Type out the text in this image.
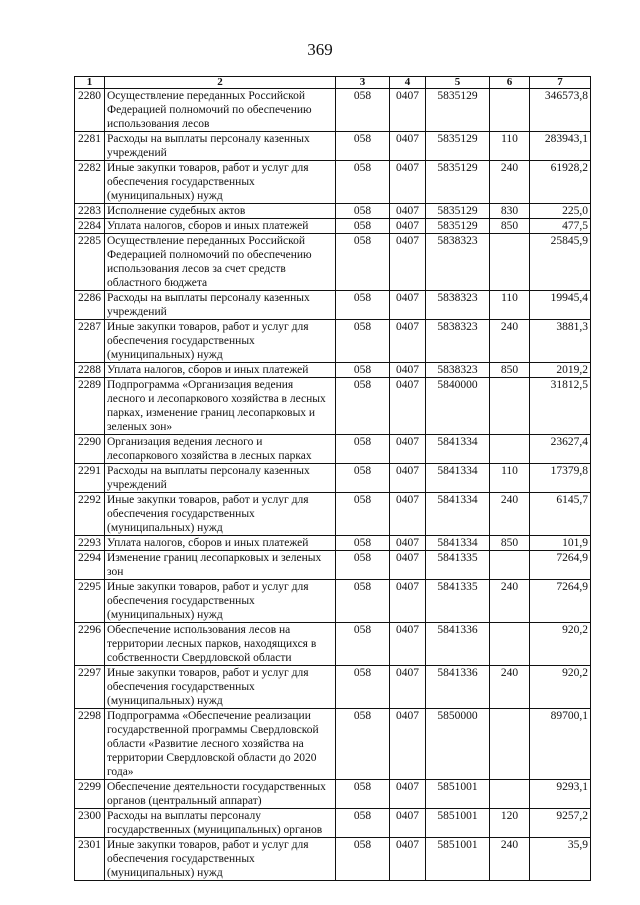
369
1	2	3	4	5	6	7
2280	Осуществление переданных Российской Федерацией полномочий по обеспечению использования лесов	058	0407	5835129		346573,8
2281	Расходы на выплаты персоналу казенных учреждений	058	0407	5835129	110	283943,1
2282	Иные закупки товаров, работ и услуг для обеспечения государственных (муниципальных) нужд	058	0407	5835129	240	61928,2
2283	Исполнение судебных актов	058	0407	5835129	830	225,0
2284	Уплата налогов, сборов и иных платежей	058	0407	5835129	850	477,5
2285	Осуществление переданных Российской Федерацией полномочий по обеспечению использования лесов за счет средств областного бюджета	058	0407	5838323		25845,9
2286	Расходы на выплаты персоналу казенных учреждений	058	0407	5838323	110	19945,4
2287	Иные закупки товаров, работ и услуг для обеспечения государственных (муниципальных) нужд	058	0407	5838323	240	3881,3
2288	Уплата налогов, сборов и иных платежей	058	0407	5838323	850	2019,2
2289	Подпрограмма «Организация ведения лесного и лесопаркового хозяйства в лесных парках, изменение границ лесопарковых и зеленых зон»	058	0407	5840000		31812,5
2290	Организация ведения лесного и лесопаркового хозяйства в лесных парках	058	0407	5841334		23627,4
2291	Расходы на выплаты персоналу казенных учреждений	058	0407	5841334	110	17379,8
2292	Иные закупки товаров, работ и услуг для обеспечения государственных (муниципальных) нужд	058	0407	5841334	240	6145,7
2293	Уплата налогов, сборов и иных платежей	058	0407	5841334	850	101,9
2294	Изменение границ лесопарковых и зеленых зон	058	0407	5841335		7264,9
2295	Иные закупки товаров, работ и услуг для обеспечения государственных (муниципальных) нужд	058	0407	5841335	240	7264,9
2296	Обеспечение использования лесов на территории лесных парков, находящихся в собственности Свердловской области	058	0407	5841336		920,2
2297	Иные закупки товаров, работ и услуг для обеспечения государственных (муниципальных) нужд	058	0407	5841336	240	920,2
2298	Подпрограмма «Обеспечение реализации государственной программы Свердловской области «Развитие лесного хозяйства на территории Свердловской области до 2020 года»	058	0407	5850000		89700,1
2299	Обеспечение деятельности государственных органов (центральный аппарат)	058	0407	5851001		9293,1
2300	Расходы на выплаты персоналу государственных (муниципальных) органов	058	0407	5851001	120	9257,2
2301	Иные закупки товаров, работ и услуг для обеспечения государственных (муниципальных) нужд	058	0407	5851001	240	35,9
